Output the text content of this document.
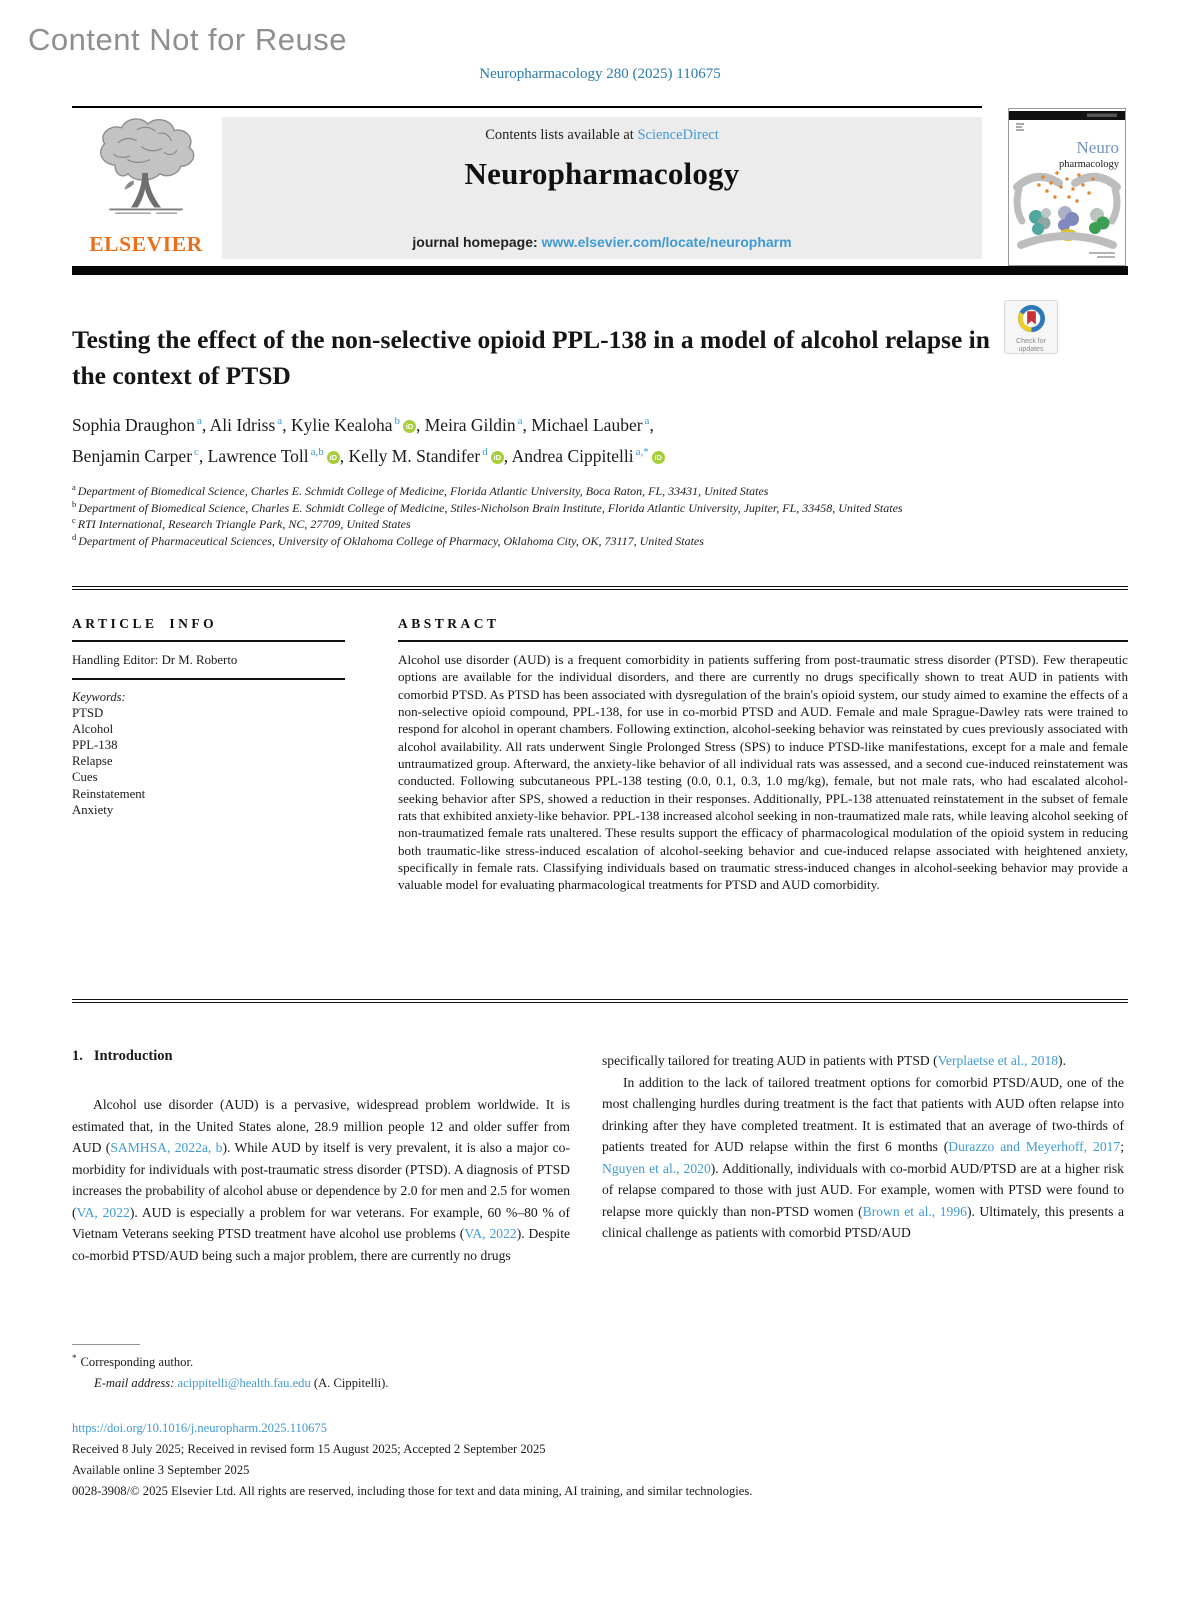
Content Not for Reuse
Neuropharmacology 280 (2025) 110675
ELSEVIER
Contents lists available at ScienceDirect
Neuropharmacology
journal homepage: www.elsevier.com/locate/neuropharm
Neuro
pharmacology
Check for
updates
Testing the effect of the non-selective opioid PPL-138 in a model of alcohol relapse in the context of PTSD

Sophia Draughon $^a$, Ali Idriss $^a$, Kylie Kealoha $^b$ iD , Meira Gildin $^a$, Michael Lauber $^a$,
Benjamin Carper $^c$, Lawrence Toll $^{a,b}$ iD , Kelly M. Standifer $^d$ iD , Andrea Cippitelli $^{a,*}$ iD

$^a$ Department of Biomedical Science, Charles E. Schmidt College of Medicine, Florida Atlantic University, Boca Raton, FL, 33431, United States
$^b$ Department of Biomedical Science, Charles E. Schmidt College of Medicine, Stiles-Nicholson Brain Institute, Florida Atlantic University, Jupiter, FL, 33458, United States
$^c$ RTI International, Research Triangle Park, NC, 27709, United States
$^d$ Department of Pharmaceutical Sciences, University of Oklahoma College of Pharmacy, Oklahoma City, OK, 73117, United States
ARTICLE INFO

Handling Editor: Dr M. Roberto

Keywords:

PTSD
Alcohol
PPL-138
Relapse
Cues
Reinstatement
Anxiety
ABSTRACT

Alcohol use disorder (AUD) is a frequent comorbidity in patients suffering from post-traumatic stress disorder (PTSD). Few therapeutic options are available for the individual disorders, and there are currently no drugs specifically shown to treat AUD in patients with comorbid PTSD. As PTSD has been associated with dysregulation of the brain's opioid system, our study aimed to examine the effects of a non-selective opioid compound, PPL-138, for use in co-morbid PTSD and AUD. Female and male Sprague-Dawley rats were trained to respond for alcohol in operant chambers. Following extinction, alcohol-seeking behavior was reinstated by cues previously associated with alcohol availability. All rats underwent Single Prolonged Stress (SPS) to induce PTSD-like manifestations, except for a male and female untraumatized group. Afterward, the anxiety-like behavior of all individual rats was assessed, and a second cue-induced reinstatement was conducted. Following subcutaneous PPL-138 testing (0.0, 0.1, 0.3, 1.0 mg/kg), female, but not male rats, who had escalated alcohol-seeking behavior after SPS, showed a reduction in their responses. Additionally, PPL-138 attenuated reinstatement in the subset of female rats that exhibited anxiety-like behavior. PPL-138 increased alcohol seeking in non-traumatized male rats, while leaving alcohol seeking of non-traumatized female rats unaltered. These results support the efficacy of pharmacological modulation of the opioid system in reducing both traumatic-like stress-induced escalation of alcohol-seeking behavior and cue-induced relapse associated with heightened anxiety, specifically in female rats. Classifying individuals based on traumatic stress-induced changes in alcohol-seeking behavior may provide a valuable model for evaluating pharmacological treatments for PTSD and AUD comorbidity.

1. Introduction

Alcohol use disorder (AUD) is a pervasive, widespread problem worldwide. It is estimated that, in the United States alone, 28.9 million people 12 and older suffer from AUD (SAMHSA, 2022a, b). While AUD by itself is very prevalent, it is also a major co-morbidity for individuals with post-traumatic stress disorder (PTSD). A diagnosis of PTSD increases the probability of alcohol abuse or dependence by 2.0 for men and 2.5 for women (VA, 2022). AUD is especially a problem for war veterans. For example, 60 %–80 % of Vietnam Veterans seeking PTSD treatment have alcohol use problems (VA, 2022). Despite co-morbid PTSD/AUD being such a major problem, there are currently no drugs

specifically tailored for treating AUD in patients with PTSD (Verplaetse et al., 2018).

In addition to the lack of tailored treatment options for comorbid PTSD/AUD, one of the most challenging hurdles during treatment is the fact that patients with AUD often relapse into drinking after they have completed treatment. It is estimated that an average of two-thirds of patients treated for AUD relapse within the first 6 months (Durazzo and Meyerhoff, 2017; Nguyen et al., 2020). Additionally, individuals with co-morbid AUD/PTSD are at a higher risk of relapse compared to those with just AUD. For example, women with PTSD were found to relapse more quickly than non-PTSD women (Brown et al., 1996). Ultimately, this presents a clinical challenge as patients with comorbid PTSD/AUD

* Corresponding author.

E-mail address: acippitelli@health.fau.edu (A. Cippitelli).

https://doi.org/10.1016/j.neuropharm.2025.110675

Received 8 July 2025; Received in revised form 15 August 2025; Accepted 2 September 2025

Available online 3 September 2025

0028-3908/© 2025 Elsevier Ltd. All rights are reserved, including those for text and data mining, AI training, and similar technologies.
